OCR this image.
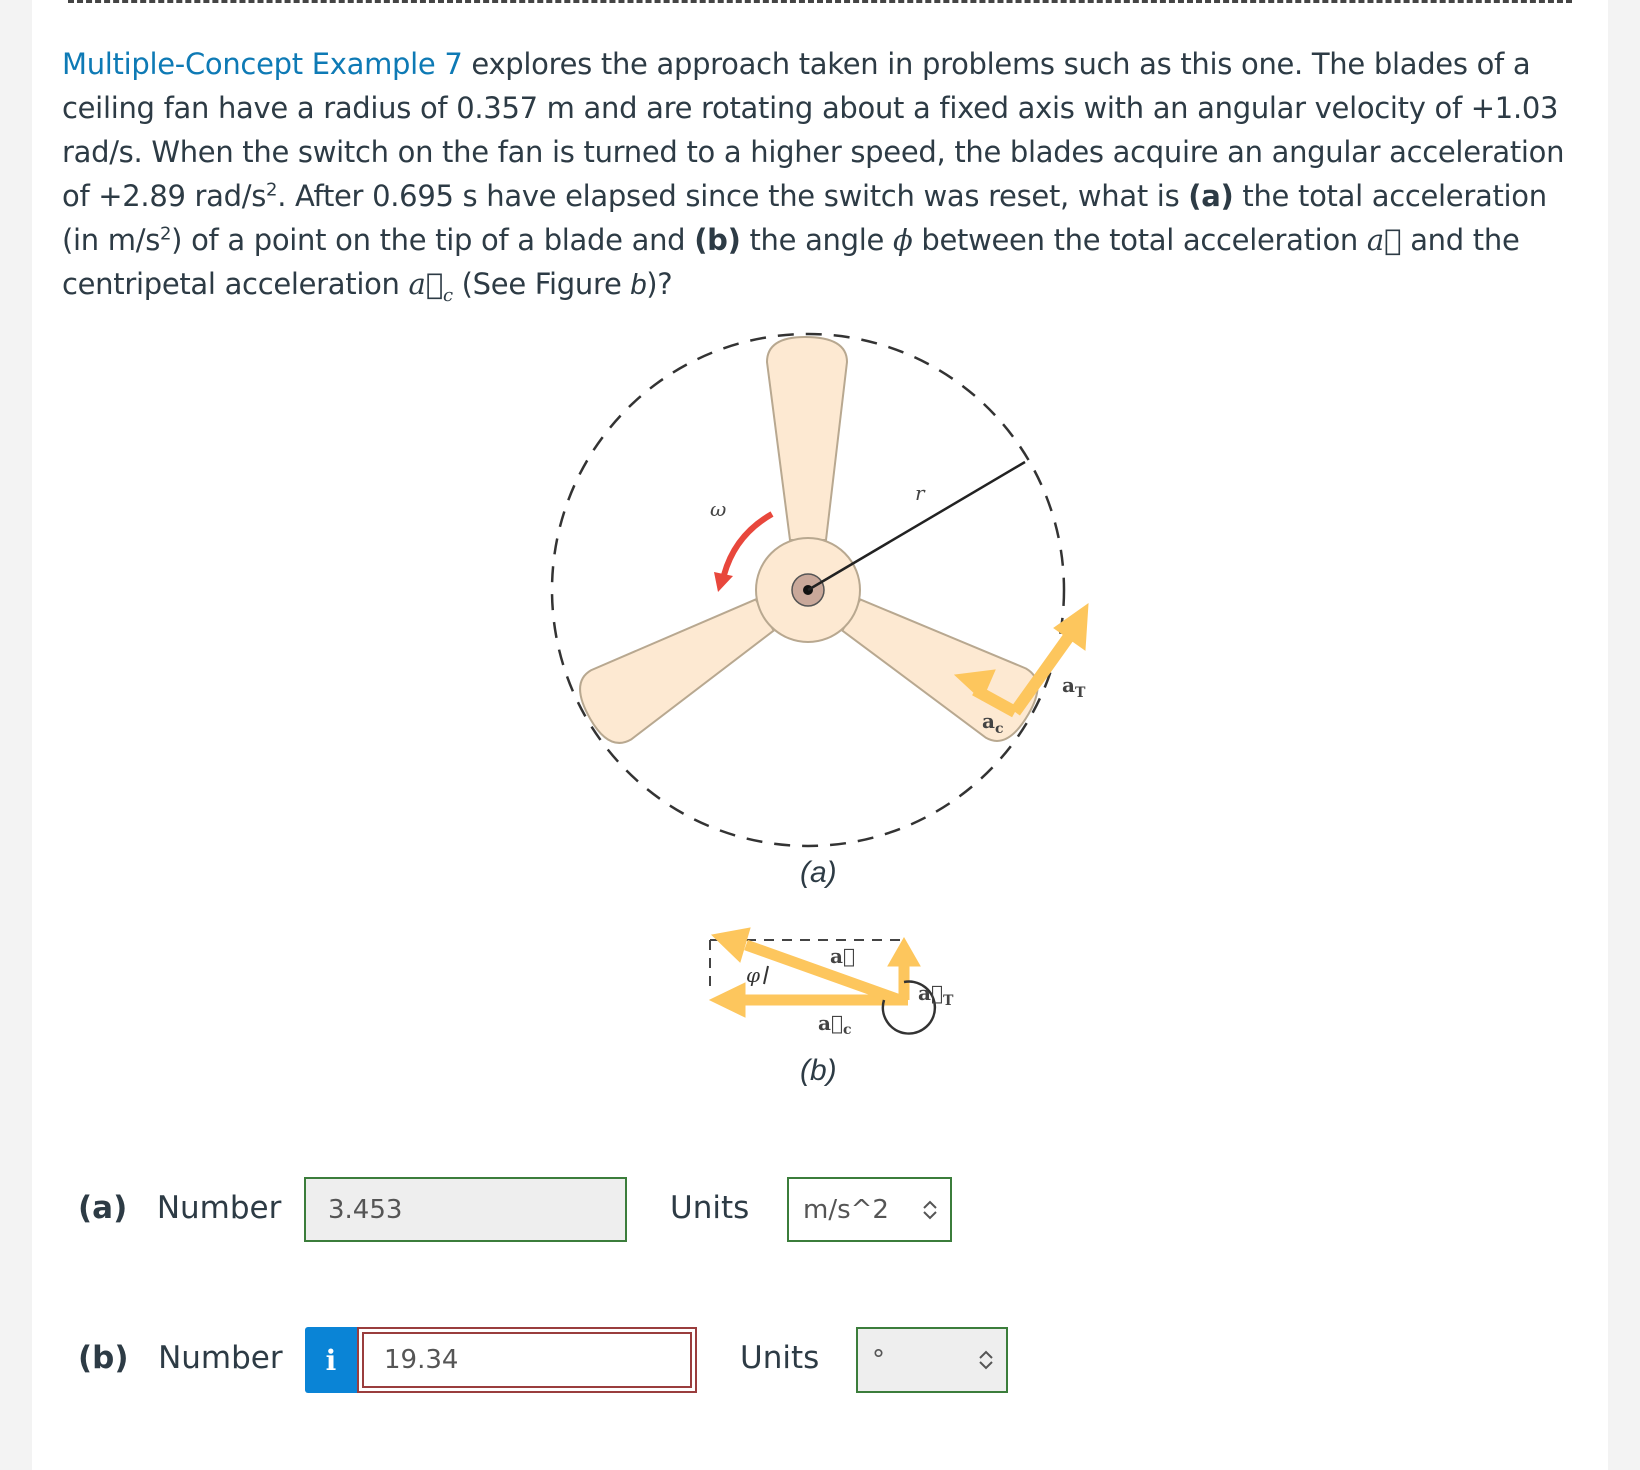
Multiple-Concept Example 7 explores the approach taken in problems such as this one. The blades of a ceiling fan have a radius of 0.357 m and are rotating about a fixed axis with an angular velocity of +1.03 rad/s. When the switch on the fan is turned to a higher speed, the blades acquire an angular acceleration of +2.89 rad/$s^2$. After 0.695 s have elapsed since the switch was reset, what is (a) the total acceleration (in $m/s^2$) of a point on the tip of a blade and (b) the angle ϕ between the total acceleration a⃗ and the centripetal acceleration $a⃗_c$ (See Figure b)?
r
ω
$a_T$
$a_c$
(a)
φ
a⃗
$a⃗_c$
$a⃗_T$
(b)
(a) Number	3.453	Units m/s^2
(b) Number	i	19.34	Units °
